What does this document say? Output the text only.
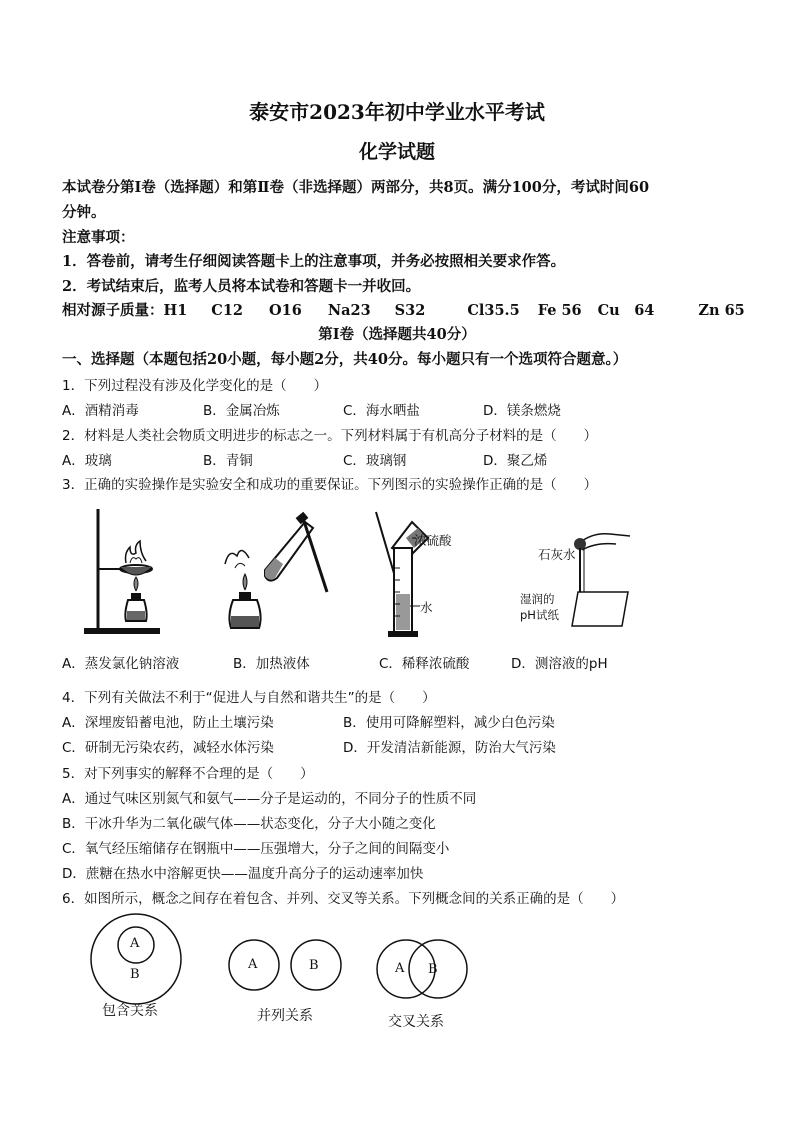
泰安市2023年初中学业水平考试
化学试题
本试卷分第Ⅰ卷（选择题）和第Ⅱ卷（非选择题）两部分，共8页。满分100分，考试时间60
分钟。
注意事项：
1．答卷前，请考生仔细阅读答题卡上的注意事项，并务必按照相关要求作答。
2．考试结束后，监考人员将本试卷和答题卡一并收回。
相对源子质量：H1 C12 O16 Na23 S32	Cl35.5 Fe 56 Cu　64	Zn 65
第Ⅰ卷（选择题共40分）
一、选择题（本题包括20小题，每小题2分，共40分。每小题只有一个选项符合题意。）
1．下列过程没有涉及化学变化的是（　　）
A．酒精消毒	B．金属冶炼	C．海水晒盐	D．镁条燃烧
2．材料是人类社会物质文明进步的标志之一。下列材料属于有机高分子材料的是（　　）
A．玻璃	B．青铜	C．玻璃钢	D．聚乙烯
3．正确的实验操作是实验安全和成功的重要保证。下列图示的实验操作正确的是（　　）
浓硫酸
水
石灰水
湿润的
pH试纸
A．蒸发氯化钠溶液	B．加热液体	C．稀释浓硫酸	D．测溶液的pH
4．下列有关做法不利于“促进人与自然和谐共生”的是（　　）
A．深埋废铅蓄电池，防止土壤污染	B．使用可降解塑料，减少白色污染
C．研制无污染农药，减轻水体污染	D．开发清洁新能源，防治大气污染
5．对下列事实的解释不合理的是（　　）
A．通过气味区别氮气和氨气——分子是运动的，不同分子的性质不同
B．干冰升华为二氧化碳气体——状态变化，分子大小随之变化
C．氧气经压缩储存在钢瓶中——压强增大，分子之间的间隔变小
D．蔗糖在热水中溶解更快——温度升高分子的运动速率加快
6．如图所示，概念之间存在着包含、并列、交叉等关系。下列概念间的关系正确的是（　　）
A
B
包含关系
A	B
并列关系
A B
交叉关系
